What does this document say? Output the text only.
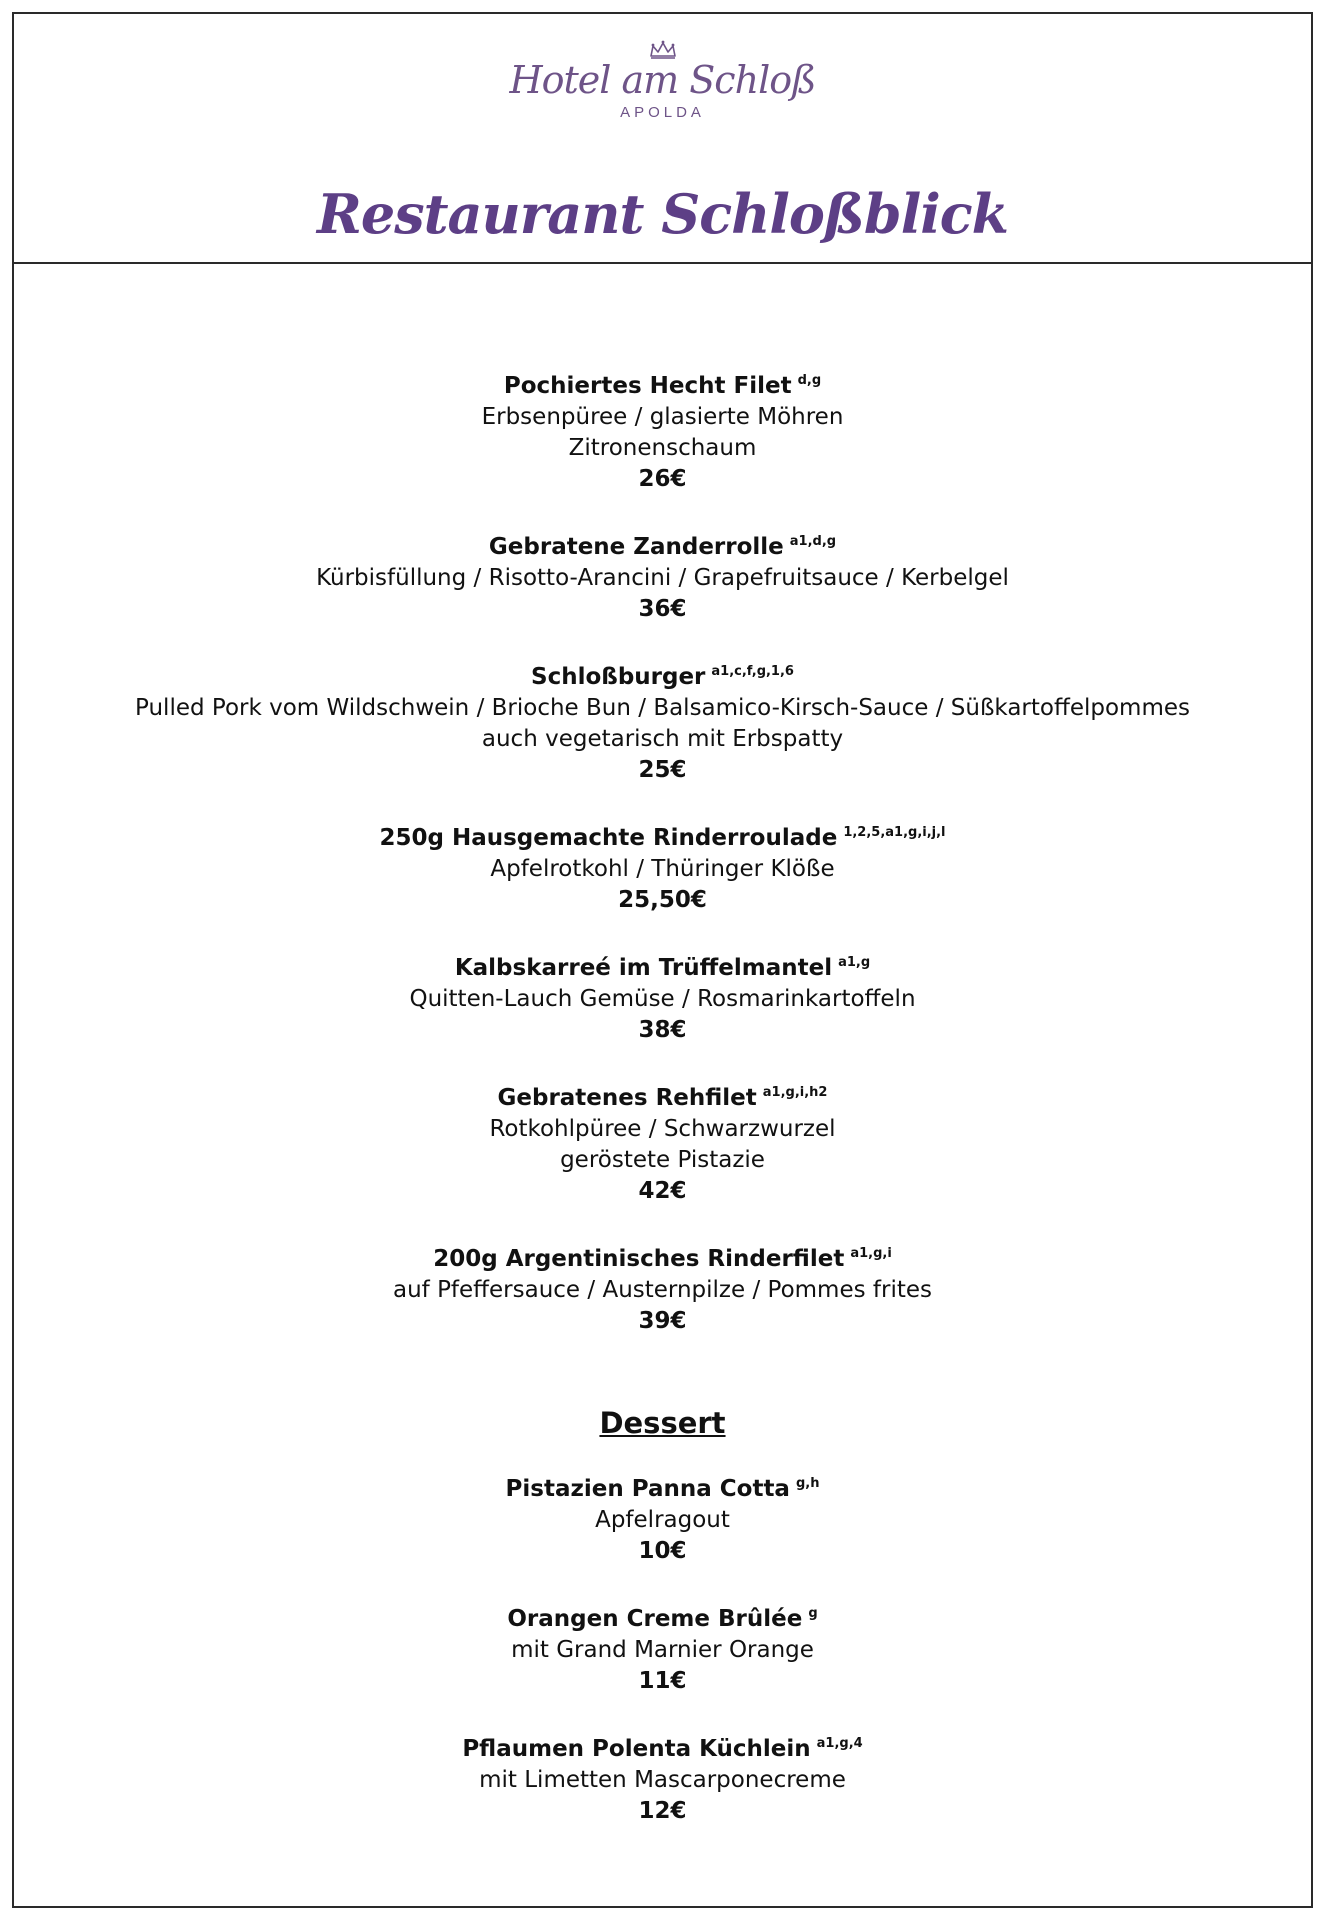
Hotel am Schloß
APOLDA
Restaurant Schloßblick
Pochiertes Hecht Filet $^{d,g}$
Erbsenpüree / glasierte Möhren
Zitronenschaum
26€
Gebratene Zanderrolle $^{a1,d,g}$
Kürbisfüllung / Risotto-Arancini / Grapefruitsauce / Kerbelgel
36€
Schloßburger $^{a1,c,f,g,1,6}$
Pulled Pork vom Wildschwein / Brioche Bun / Balsamico-Kirsch-Sauce / Süßkartoffelpommes
auch vegetarisch mit Erbspatty
25€
250g Hausgemachte Rinderroulade $^{1,2,5,a1,g,i,j,l}$
Apfelrotkohl / Thüringer Klöße
25,50€
Kalbskarreé im Trüffelmantel $^{a1,g}$
Quitten-Lauch Gemüse / Rosmarinkartoffeln
38€
Gebratenes Rehfilet $^{a1,g,i,h2}$
Rotkohlpüree / Schwarzwurzel
geröstete Pistazie
42€
200g Argentinisches Rinderfilet $^{a1,g,i}$
auf Pfeffersauce / Austernpilze / Pommes frites
39€
Dessert
Pistazien Panna Cotta $^{g,h}$
Apfelragout
10€
Orangen Creme Brûlée $^g$
mit Grand Marnier Orange
11€
Pflaumen Polenta Küchlein $^{a1,g,4}$
mit Limetten Mascarponecreme
12€
